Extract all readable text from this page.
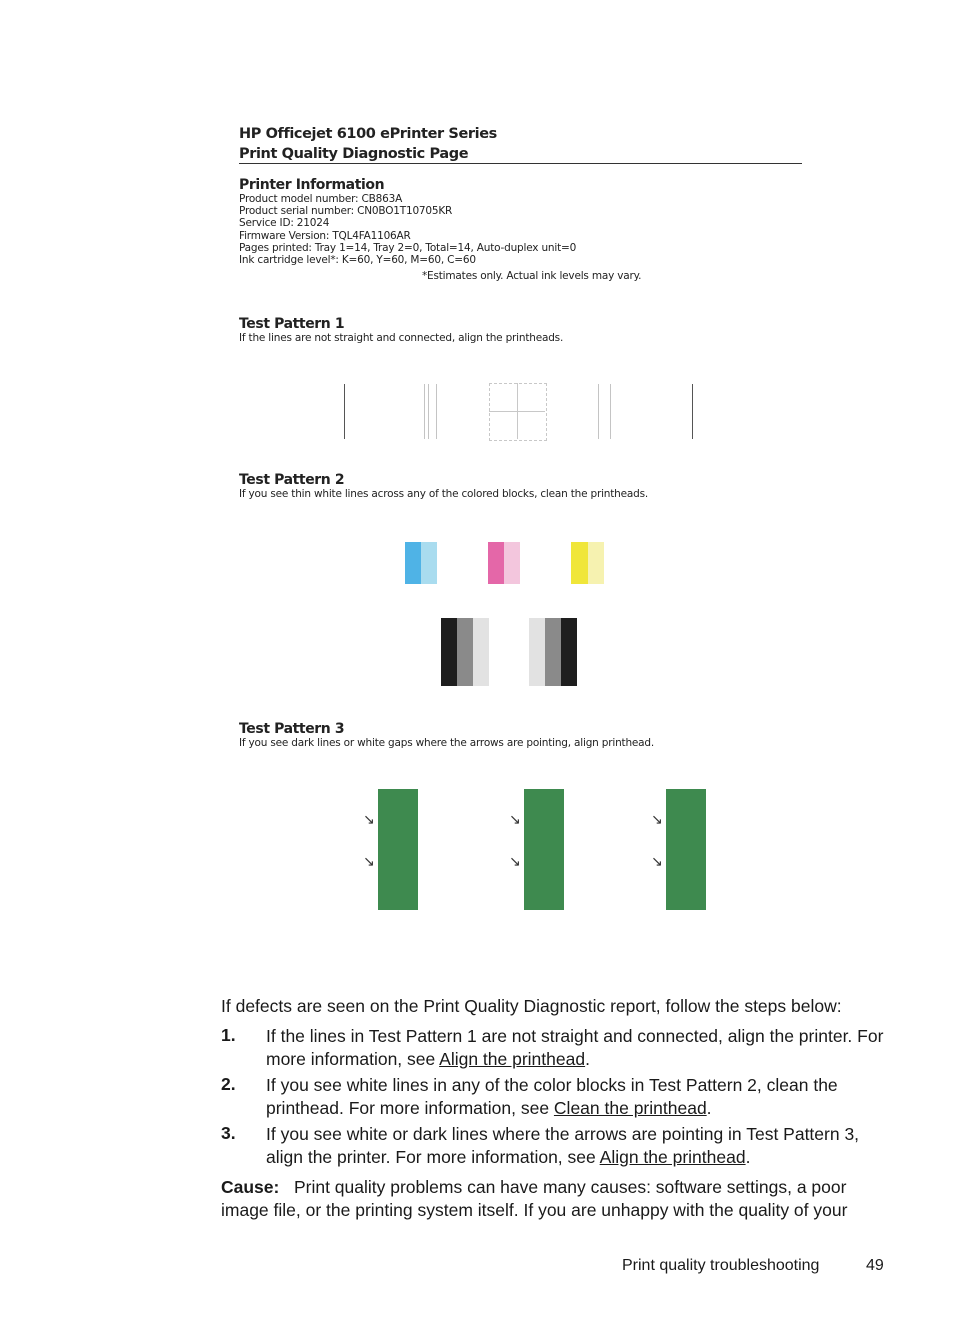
HP Officejet 6100 ePrinter Series
Print Quality Diagnostic Page
Printer Information
Product model number: CB863A
Product serial number: CN0BO1T10705KR
Service ID: 21024
Firmware Version: TQL4FA1106AR
Pages printed: Tray 1=14, Tray 2=0, Total=14, Auto-duplex unit=0
Ink cartridge level*: K=60, Y=60, M=60, C=60
*Estimates only. Actual ink levels may vary.
Test Pattern 1
If the lines are not straight and connected, align the printheads.
Test Pattern 2
If you see thin white lines across any of the colored blocks, clean the printheads.
Test Pattern 3
If you see dark lines or white gaps where the arrows are pointing, align printhead.
↘
↘
↘
↘
↘
↘
If defects are seen on the Print Quality Diagnostic report, follow the steps below:
1. If the lines in Test Pattern 1 are not straight and connected, align the printer. For more information, see Align the printhead.
2. If you see white lines in any of the color blocks in Test Pattern 2, clean the printhead. For more information, see Clean the printhead.
3. If you see white or dark lines where the arrows are pointing in Test Pattern 3, align the printer. For more information, see Align the printhead.
Cause: Print quality problems can have many causes: software settings, a poor image file, or the printing system itself. If you are unhappy with the quality of your
Print quality troubleshooting	49
